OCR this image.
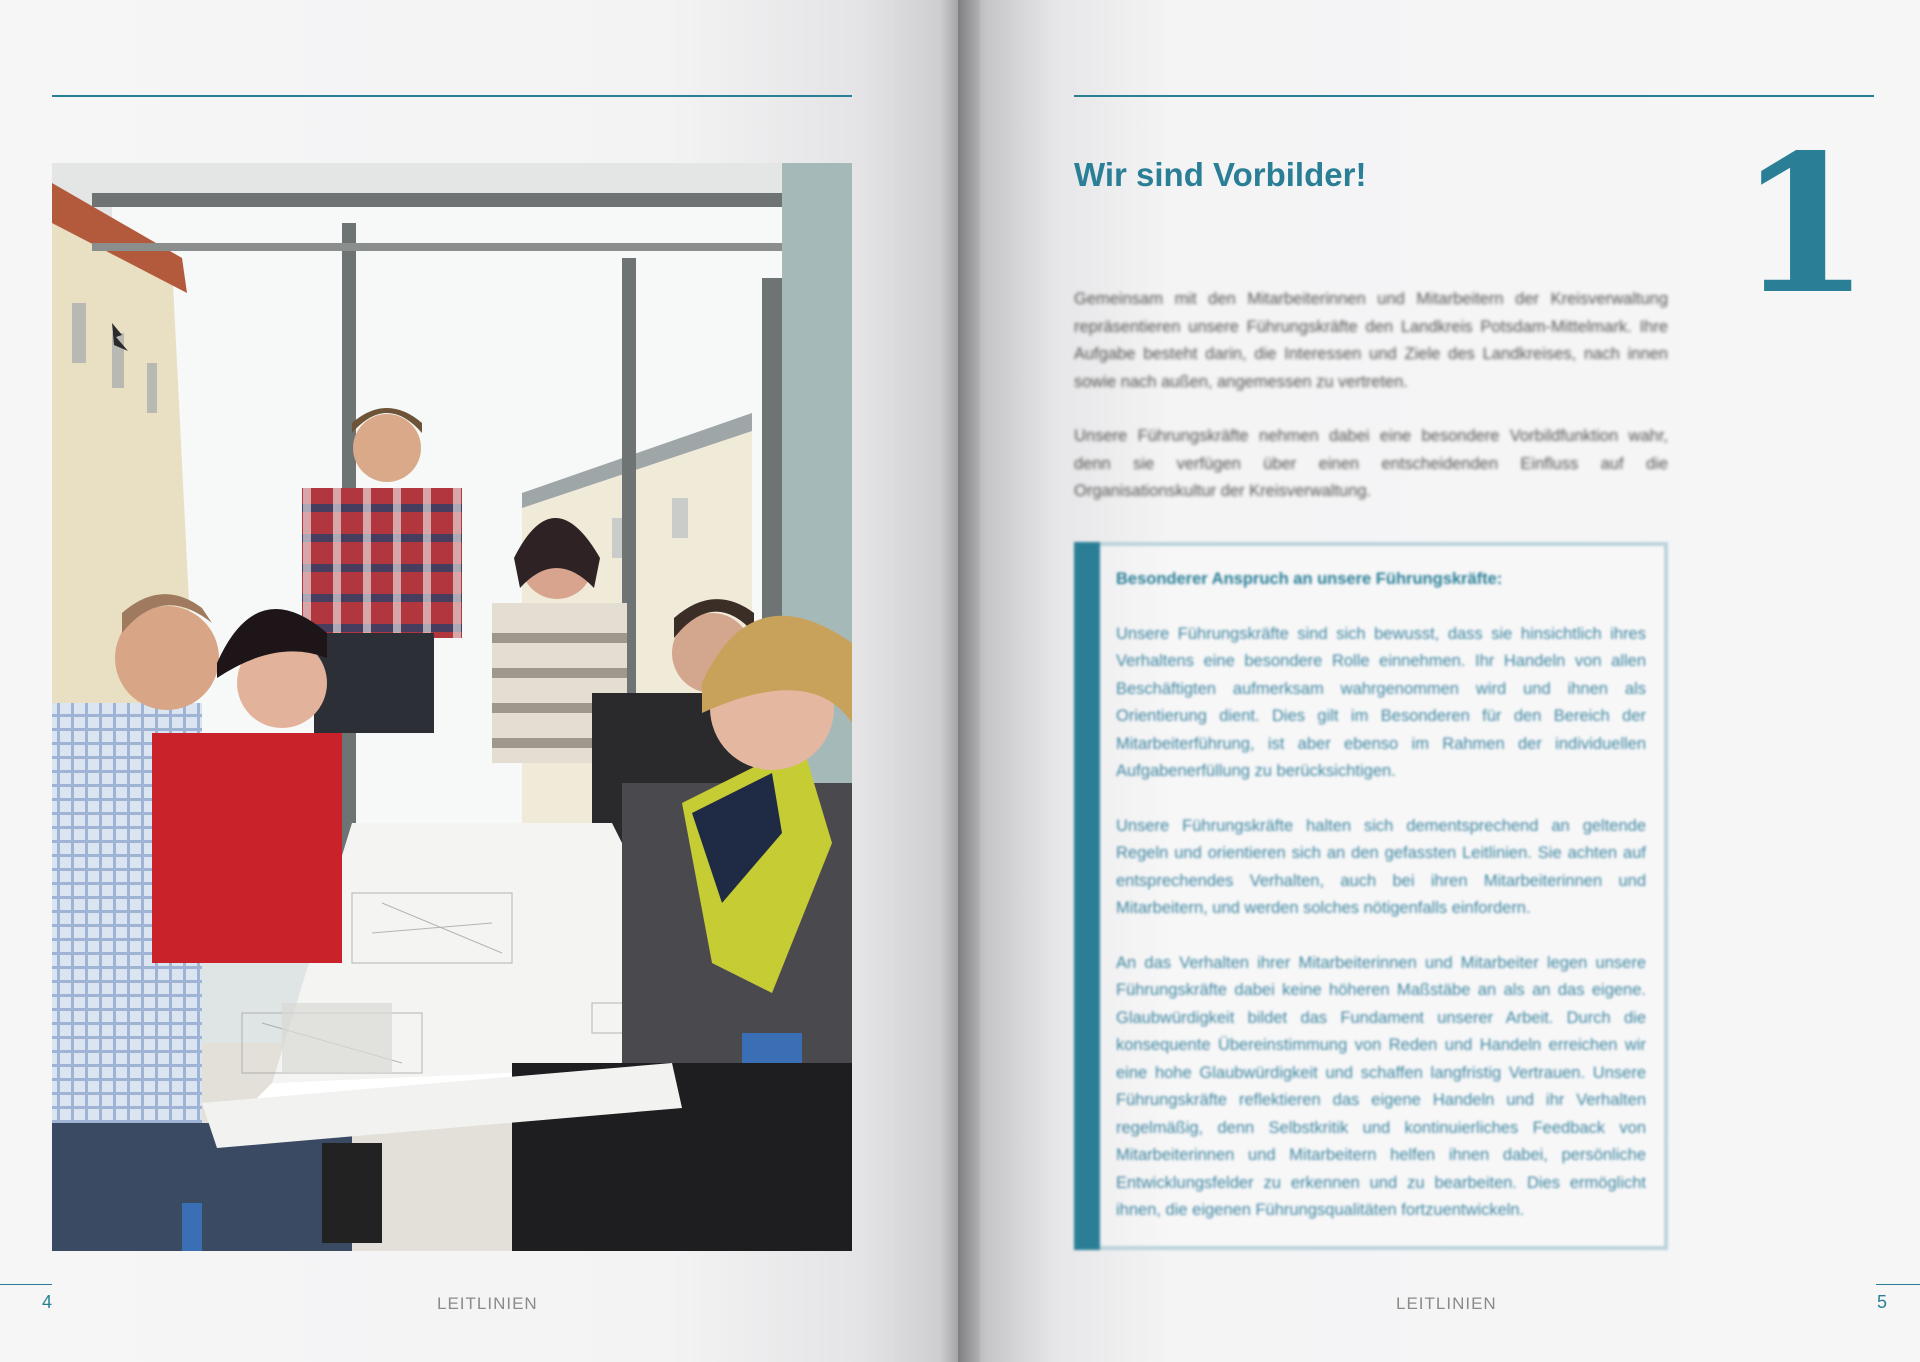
4	LEITLINIEN
Wir sind Vorbilder! 1

Gemeinsam mit den Mitarbeiterinnen und Mitarbeitern der Kreisverwaltung repräsentieren unsere Führungskräfte den Landkreis Potsdam-Mittelmark. Ihre Aufgabe besteht darin, die Interessen und Ziele des Landkreises, nach innen sowie nach außen, angemessen zu vertreten.

Unsere Führungskräfte nehmen dabei eine besondere Vorbildfunktion wahr, denn sie verfügen über einen entscheidenden Einfluss auf die Organisationskultur der Kreisverwaltung.

Besonderer Anspruch an unsere Führungskräfte:

Unsere Führungskräfte sind sich bewusst, dass sie hinsichtlich ihres Verhaltens eine besondere Rolle einnehmen. Ihr Handeln von allen Beschäftigten aufmerksam wahrgenommen wird und ihnen als Orientierung dient. Dies gilt im Besonderen für den Bereich der Mitarbeiterführung, ist aber ebenso im Rahmen der individuellen Aufgabenerfüllung zu berücksichtigen.

Unsere Führungskräfte halten sich dementsprechend an geltende Regeln und orientieren sich an den gefassten Leitlinien. Sie achten auf entsprechendes Verhalten, auch bei ihren Mitarbeiterinnen und Mitarbeitern, und werden solches nötigenfalls einfordern.

An das Verhalten ihrer Mitarbeiterinnen und Mitarbeiter legen unsere Führungskräfte dabei keine höheren Maßstäbe an als an das eigene. Glaubwürdigkeit bildet das Fundament unserer Arbeit. Durch die konsequente Übereinstimmung von Reden und Handeln erreichen wir eine hohe Glaubwürdigkeit und schaffen langfristig Vertrauen. Unsere Führungskräfte reflektieren das eigene Handeln und ihr Verhalten regelmäßig, denn Selbstkritik und kontinuierliches Feedback von Mitarbeiterinnen und Mitarbeitern helfen ihnen dabei, persönliche Entwicklungsfelder zu erkennen und zu bearbeiten. Dies ermöglicht ihnen, die eigenen Führungsqualitäten fortzuentwickeln.

LEITLINIEN	5
